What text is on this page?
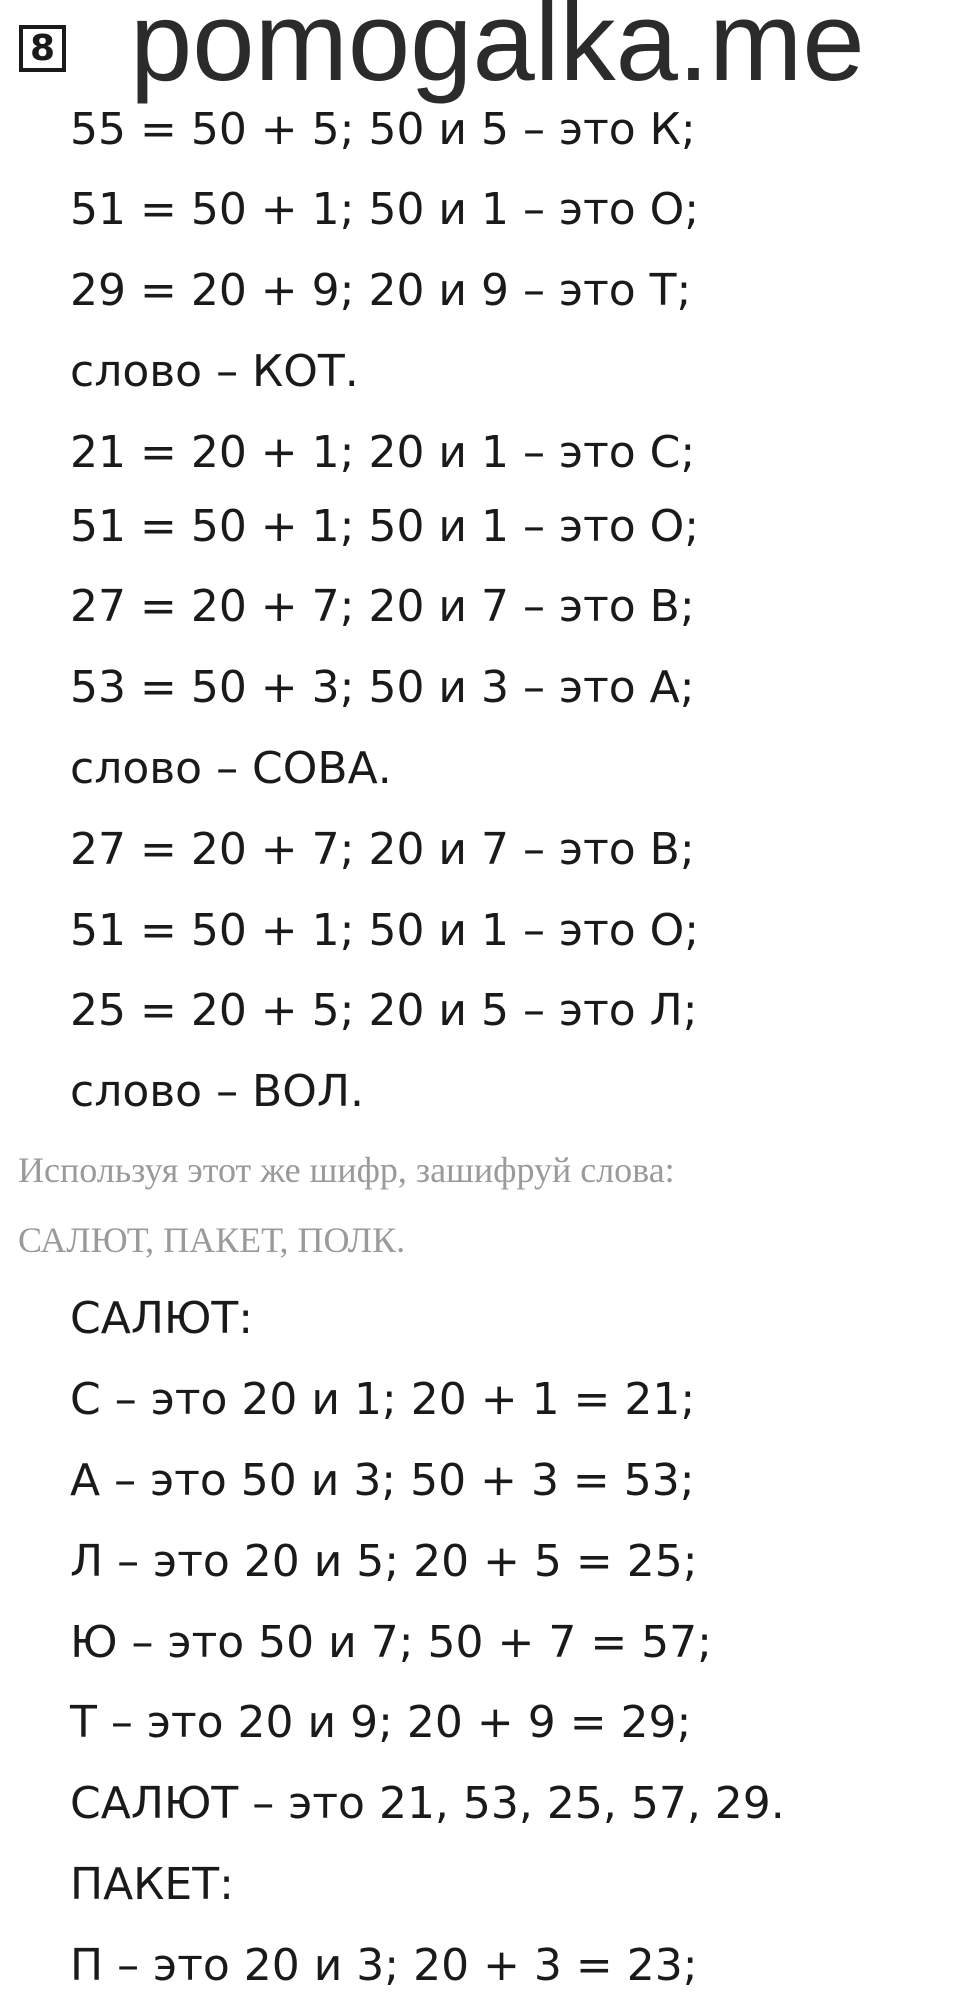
8 pomogalka.me
55 = 50 + 5; 50 и 5 – это К;
51 = 50 + 1; 50 и 1 – это О;
29 = 20 + 9; 20 и 9 – это Т;
слово – КОТ.
21 = 20 + 1; 20 и 1 – это С;
51 = 50 + 1; 50 и 1 – это О;
27 = 20 + 7; 20 и 7 – это В;
53 = 50 + 3; 50 и 3 – это А;
слово – СОВА.
27 = 20 + 7; 20 и 7 – это В;
51 = 50 + 1; 50 и 1 – это О;
25 = 20 + 5; 20 и 5 – это Л;
слово – ВОЛ.
Используя этот же шифр, зашифруй слова:
САЛЮТ, ПАКЕТ, ПОЛК.
САЛЮТ:
С – это 20 и 1; 20 + 1 = 21;
А – это 50 и 3; 50 + 3 = 53;
Л – это 20 и 5; 20 + 5 = 25;
Ю – это 50 и 7; 50 + 7 = 57;
Т – это 20 и 9; 20 + 9 = 29;
САЛЮТ – это 21, 53, 25, 57, 29.
ПАКЕТ:
П – это 20 и 3; 20 + 3 = 23;
